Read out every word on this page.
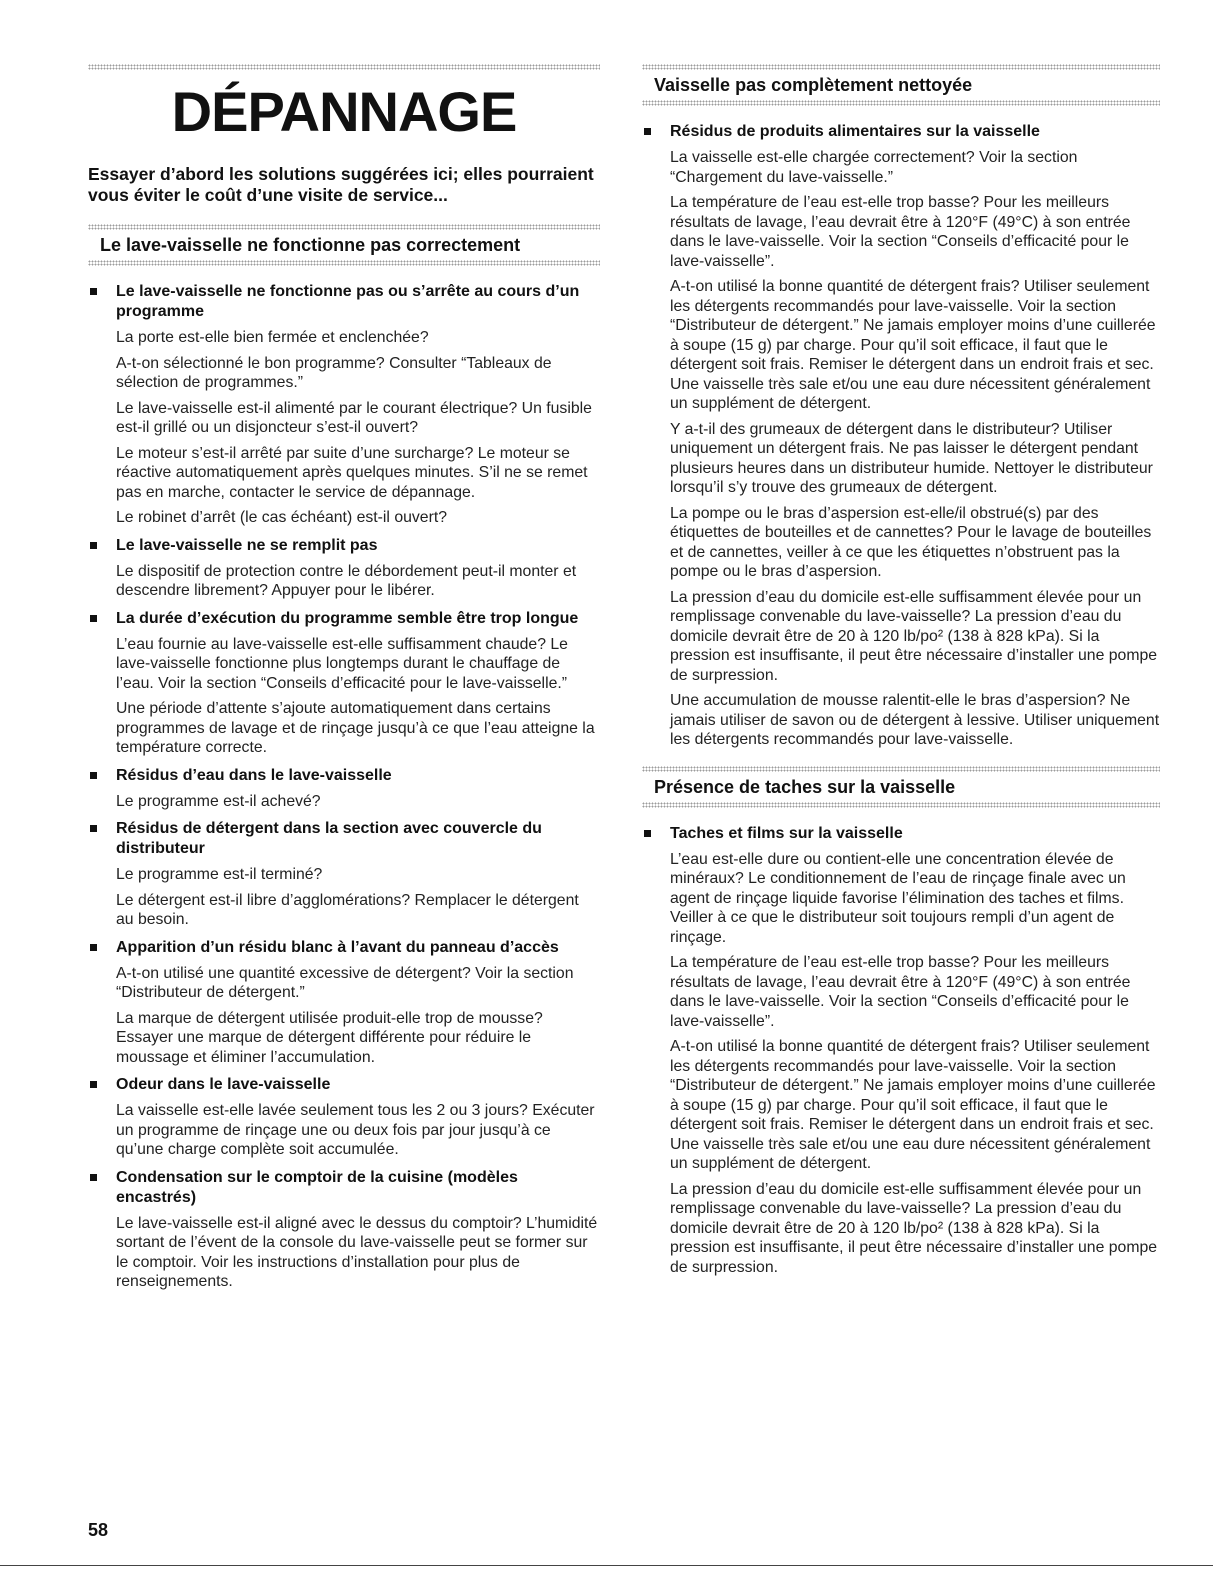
DÉPANNAGE
Essayer d’abord les solutions suggérées ici; elles pourraient vous éviter le coût d’une visite de service...
Le lave-vaisselle ne fonctionne pas correctement
Le lave-vaisselle ne fonctionne pas ou s’arrête au cours d’un programme

La porte est-elle bien fermée et enclenchée?

A-t-on sélectionné le bon programme? Consulter “Tableaux de sélection de programmes.”

Le lave-vaisselle est-il alimenté par le courant électrique? Un fusible est-il grillé ou un disjoncteur s’est-il ouvert?

Le moteur s’est-il arrêté par suite d’une surcharge? Le moteur se réactive automatiquement après quelques minutes. S’il ne se remet pas en marche, contacter le service de dépannage.

Le robinet d’arrêt (le cas échéant) est-il ouvert?

Le lave-vaisselle ne se remplit pas

Le dispositif de protection contre le débordement peut-il monter et descendre librement? Appuyer pour le libérer.

La durée d’exécution du programme semble être trop longue

L’eau fournie au lave-vaisselle est-elle suffisamment chaude? Le lave-vaisselle fonctionne plus longtemps durant le chauffage de l’eau. Voir la section “Conseils d’efficacité pour le lave-vaisselle.”

Une période d’attente s’ajoute automatiquement dans certains programmes de lavage et de rinçage jusqu’à ce que l’eau atteigne la température correcte.

Résidus d’eau dans le lave-vaisselle

Le programme est-il achevé?

Résidus de détergent dans la section avec couvercle du distributeur

Le programme est-il terminé?

Le détergent est-il libre d’agglomérations? Remplacer le détergent au besoin.

Apparition d’un résidu blanc à l’avant du panneau d’accès

A-t-on utilisé une quantité excessive de détergent? Voir la section “Distributeur de détergent.”

La marque de détergent utilisée produit-elle trop de mousse? Essayer une marque de détergent différente pour réduire le moussage et éliminer l’accumulation.

Odeur dans le lave-vaisselle

La vaisselle est-elle lavée seulement tous les 2 ou 3 jours? Exécuter un programme de rinçage une ou deux fois par jour jusqu’à ce qu’une charge complète soit accumulée.

Condensation sur le comptoir de la cuisine (modèles encastrés)

Le lave-vaisselle est-il aligné avec le dessus du comptoir? L’humidité sortant de l’évent de la console du lave-vaisselle peut se former sur le comptoir. Voir les instructions d’installation pour plus de renseignements.

Vaisselle pas complètement nettoyée
Résidus de produits alimentaires sur la vaisselle

La vaisselle est-elle chargée correctement? Voir la section “Chargement du lave-vaisselle.”

La température de l’eau est-elle trop basse? Pour les meilleurs résultats de lavage, l’eau devrait être à 120°F (49°C) à son entrée dans le lave-vaisselle. Voir la section “Conseils d’efficacité pour le lave-vaisselle”.

A-t-on utilisé la bonne quantité de détergent frais? Utiliser seulement les détergents recommandés pour lave-vaisselle. Voir la section “Distributeur de détergent.” Ne jamais employer moins d’une cuillerée à soupe (15 g) par charge. Pour qu’il soit efficace, il faut que le détergent soit frais. Remiser le détergent dans un endroit frais et sec. Une vaisselle très sale et/ou une eau dure nécessitent généralement un supplément de détergent.

Y a-t-il des grumeaux de détergent dans le distributeur? Utiliser uniquement un détergent frais. Ne pas laisser le détergent pendant plusieurs heures dans un distributeur humide. Nettoyer le distributeur lorsqu’il s’y trouve des grumeaux de détergent.

La pompe ou le bras d’aspersion est-elle/il obstrué(s) par des étiquettes de bouteilles et de cannettes? Pour le lavage de bouteilles et de cannettes, veiller à ce que les étiquettes n’obstruent pas la pompe ou le bras d’aspersion.

La pression d’eau du domicile est-elle suffisamment élevée pour un remplissage convenable du lave-vaisselle? La pression d’eau du domicile devrait être de 20 à 120 lb/po² (138 à 828 kPa). Si la pression est insuffisante, il peut être nécessaire d’installer une pompe de surpression.

Une accumulation de mousse ralentit-elle le bras d’aspersion? Ne jamais utiliser de savon ou de détergent à lessive. Utiliser uniquement les détergents recommandés pour lave-vaisselle.

Présence de taches sur la vaisselle
Taches et films sur la vaisselle

L’eau est-elle dure ou contient-elle une concentration élevée de minéraux? Le conditionnement de l’eau de rinçage finale avec un agent de rinçage liquide favorise l’élimination des taches et films. Veiller à ce que le distributeur soit toujours rempli d’un agent de rinçage.

La température de l’eau est-elle trop basse? Pour les meilleurs résultats de lavage, l’eau devrait être à 120°F (49°C) à son entrée dans le lave-vaisselle. Voir la section “Conseils d’efficacité pour le lave-vaisselle”.

A-t-on utilisé la bonne quantité de détergent frais? Utiliser seulement les détergents recommandés pour lave-vaisselle. Voir la section “Distributeur de détergent.” Ne jamais employer moins d’une cuillerée à soupe (15 g) par charge. Pour qu’il soit efficace, il faut que le détergent soit frais. Remiser le détergent dans un endroit frais et sec. Une vaisselle très sale et/ou une eau dure nécessitent généralement un supplément de détergent.

La pression d’eau du domicile est-elle suffisamment élevée pour un remplissage convenable du lave-vaisselle? La pression d’eau du domicile devrait être de 20 à 120 lb/po² (138 à 828 kPa). Si la pression est insuffisante, il peut être nécessaire d’installer une pompe de surpression.

58
